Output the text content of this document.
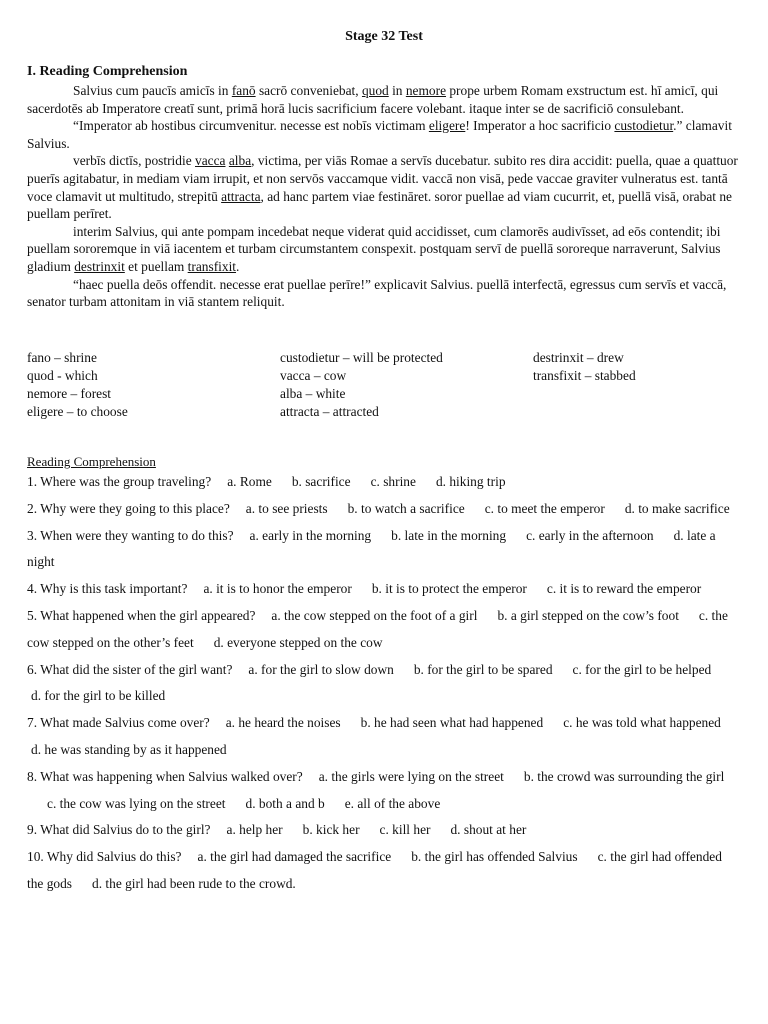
Stage 32 Test
I. Reading Comprehension

Salvius cum paucīs amicīs in fanō sacrō conveniebat, quod in nemore prope urbem Romam exstructum est. hī amicī, qui sacerdotēs ab Imperatore creatī sunt, primā horā lucis sacrificium facere volebant. itaque inter se de sacrificiō consulebant.

“Imperator ab hostibus circumvenitur. necesse est nobīs victimam eligere! Imperator a hoc sacrificio custodietur.” clamavit Salvius.

verbīs dictīs, postridie vacca alba, victima, per viās Romae a servīs ducebatur. subito res dira accidit: puella, quae a quattuor puerīs agitabatur, in mediam viam irrupit, et non servōs vaccamque vidit. vaccā non visā, pede vaccae graviter vulneratus est. tantā voce clamavit ut multitudo, strepitū attracta, ad hanc partem viae festināret. soror puellae ad viam cucurrit, et, puellā visā, orabat ne puellam perīret.

interim Salvius, qui ante pompam incedebat neque viderat quid accidisset, cum clamorēs audivīsset, ad eōs contendit; ibi puellam sororemque in viā iacentem et turbam circumstantem conspexit. postquam servī de puellā sororeque narraverunt, Salvius gladium destrinxit et puellam transfixit.

“haec puella deōs offendit. necesse erat puellae perīre!” explicavit Salvius. puellā interfectā, egressus cum servīs et vaccā, senator turbam attonitam in viā stantem reliquit.

fano – shrine
quod - which
nemore – forest
eligere – to choose
custodietur – will be protected
vacca – cow
alba – white
attracta – attracted
destrinxit – drew
transfixit – stabbed
Reading Comprehension

1. Where was the group traveling? a. Rome b. sacrifice c. shrine d. hiking trip

2. Why were they going to this place? a. to see priests b. to watch a sacrifice c. to meet the emperor d. to make sacrifice

3. When were they wanting to do this? a. early in the morning b. late in the morning c. early in the afternoon d. late a night

4. Why is this task important? a. it is to honor the emperor b. it is to protect the emperor c. it is to reward the emperor

5. What happened when the girl appeared? a. the cow stepped on the foot of a girl b. a girl stepped on the cow’s foot c. the cow stepped on the other’s feet d. everyone stepped on the cow

6. What did the sister of the girl want? a. for the girl to slow down b. for the girl to be spared c. for the girl to be helpedd. for the girl to be killed

7. What made Salvius come over? a. he heard the noises b. he had seen what had happened c. he was told what happenedd. he was standing by as it happened

8. What was happening when Salvius walked over? a. the girls were lying on the street b. the crowd was surrounding the girlc. the cow was lying on the street d. both a and b e. all of the above

9. What did Salvius do to the girl? a. help her b. kick her c. kill her d. shout at her

10. Why did Salvius do this? a. the girl had damaged the sacrifice b. the girl has offended Salvius c. the girl had offended the gods d. the girl had been rude to the crowd.
